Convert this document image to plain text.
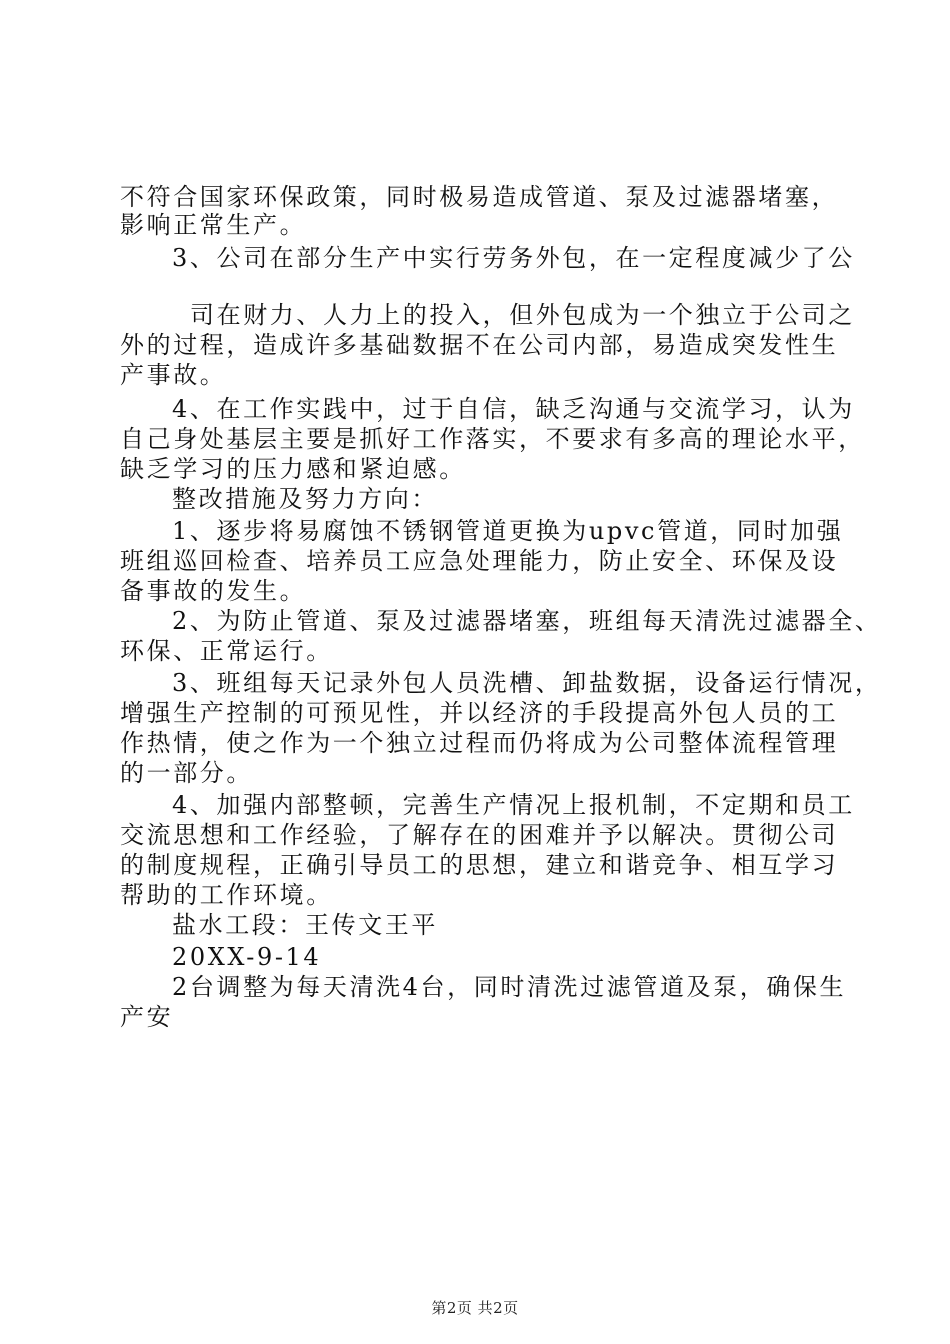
不符合国家环保政策，同时极易造成管道、泵及过滤器堵塞，
影响正常生产。
3、公司在部分生产中实行劳务外包，在一定程度减少了公
司在财力、人力上的投入，但外包成为一个独立于公司之
外的过程，造成许多基础数据不在公司内部，易造成突发性生
产事故。
4、在工作实践中，过于自信，缺乏沟通与交流学习，认为
自己身处基层主要是抓好工作落实，不要求有多高的理论水平，
缺乏学习的压力感和紧迫感。
整改措施及努力方向：
1、逐步将易腐蚀不锈钢管道更换为upvc管道，同时加强
班组巡回检查、培养员工应急处理能力，防止安全、环保及设
备事故的发生。
2、为防止管道、泵及过滤器堵塞，班组每天清洗过滤器全、
环保、正常运行。
3、班组每天记录外包人员洗槽、卸盐数据，设备运行情况，
增强生产控制的可预见性，并以经济的手段提高外包人员的工
作热情，使之作为一个独立过程而仍将成为公司整体流程管理
的一部分。
4、加强内部整顿，完善生产情况上报机制，不定期和员工
交流思想和工作经验，了解存在的困难并予以解决。贯彻公司
的制度规程，正确引导员工的思想，建立和谐竞争、相互学习
帮助的工作环境。
盐水工段：王传文王平
20XX-9-14
2台调整为每天清洗4台，同时清洗过滤管道及泵，确保生
产安
第2页 共2页
